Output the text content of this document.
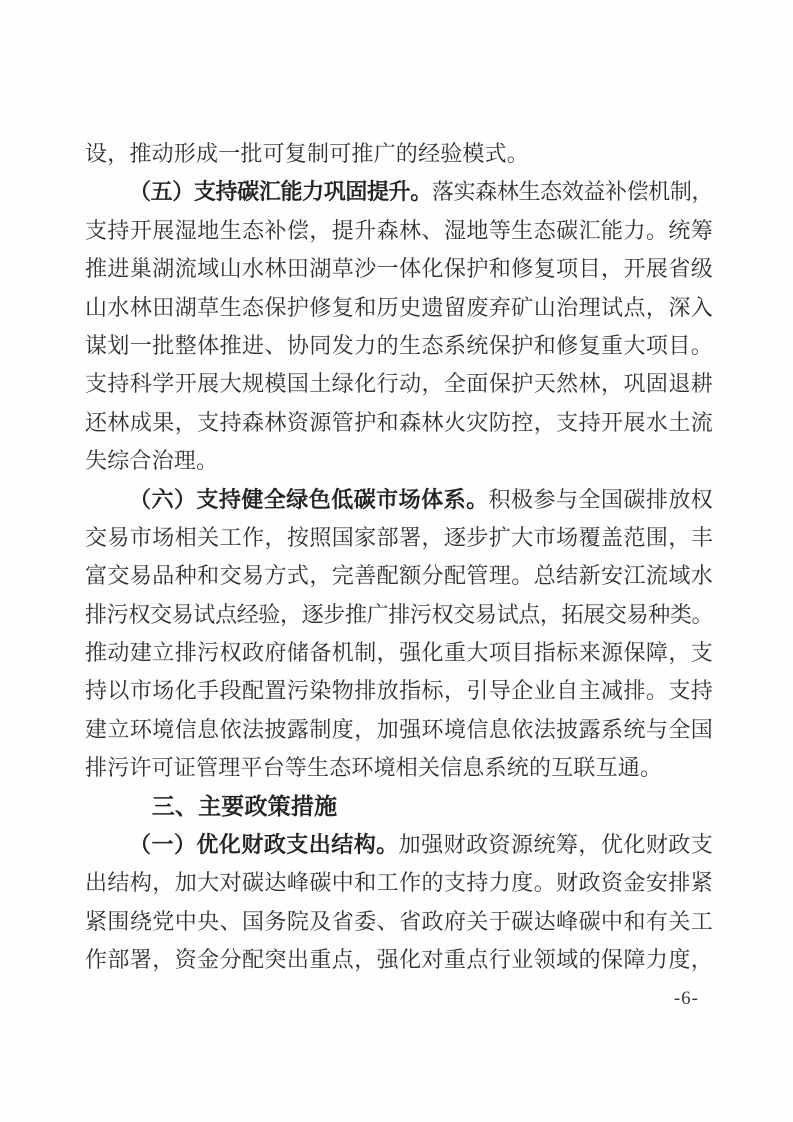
设，推动形成一批可复制可推广的经验模式。
（五）支持碳汇能力巩固提升。落实森林生态效益补偿机制，
支持开展湿地生态补偿，提升森林、湿地等生态碳汇能力。统筹
推进巢湖流域山水林田湖草沙一体化保护和修复项目，开展省级
山水林田湖草生态保护修复和历史遗留废弃矿山治理试点，深入
谋划一批整体推进、协同发力的生态系统保护和修复重大项目。
支持科学开展大规模国土绿化行动，全面保护天然林，巩固退耕
还林成果，支持森林资源管护和森林火灾防控，支持开展水土流
失综合治理。
（六）支持健全绿色低碳市场体系。积极参与全国碳排放权
交易市场相关工作，按照国家部署，逐步扩大市场覆盖范围，丰
富交易品种和交易方式，完善配额分配管理。总结新安江流域水
排污权交易试点经验，逐步推广排污权交易试点，拓展交易种类。
推动建立排污权政府储备机制，强化重大项目指标来源保障，支
持以市场化手段配置污染物排放指标，引导企业自主减排。支持
建立环境信息依法披露制度，加强环境信息依法披露系统与全国
排污许可证管理平台等生态环境相关信息系统的互联互通。
三、主要政策措施
（一）优化财政支出结构。加强财政资源统筹，优化财政支
出结构，加大对碳达峰碳中和工作的支持力度。财政资金安排紧
紧围绕党中央、国务院及省委、省政府关于碳达峰碳中和有关工
作部署，资金分配突出重点，强化对重点行业领域的保障力度，
-6-
